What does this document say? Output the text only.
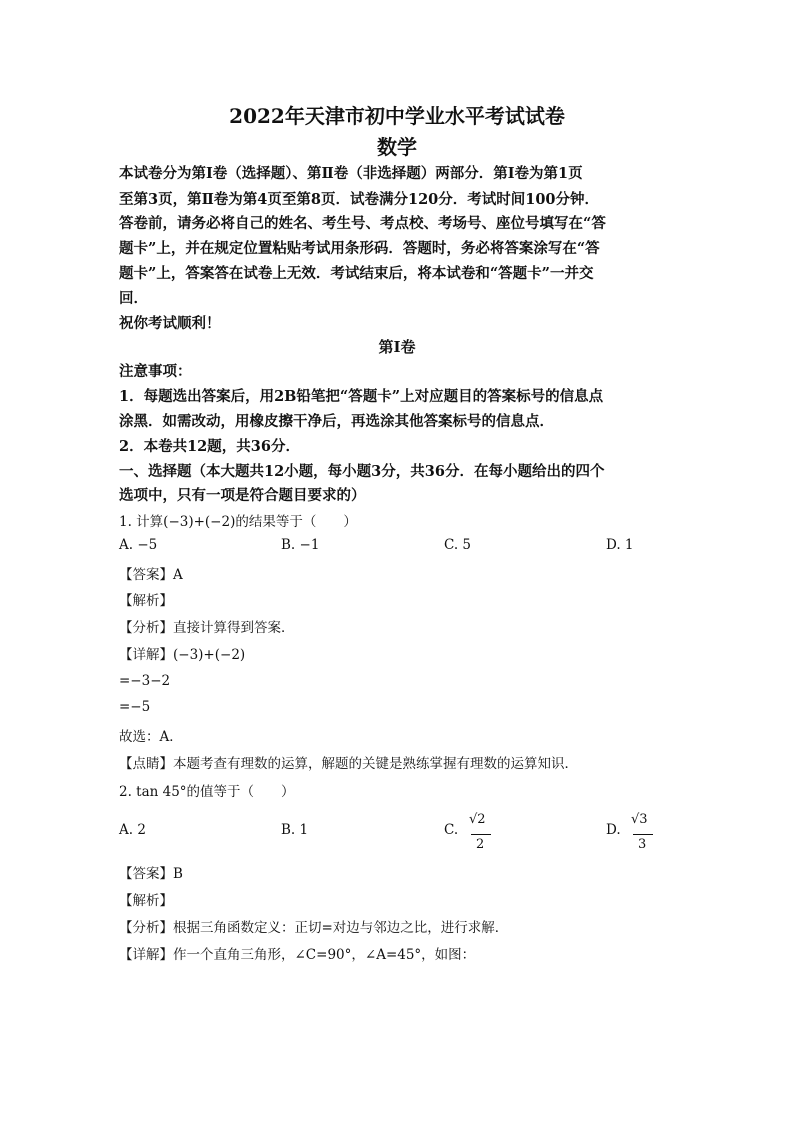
2022年天津市初中学业水平考试试卷
数学
本试卷分为第Ⅰ卷（选择题）、第Ⅱ卷（非选择题）两部分．第Ⅰ卷为第1页
至第3页，第Ⅱ卷为第4页至第8页．试卷满分120分．考试时间100分钟．
答卷前，请务必将自己的姓名、考生号、考点校、考场号、座位号填写在“答
题卡”上，并在规定位置粘贴考试用条形码．答题时，务必将答案涂写在“答
题卡”上，答案答在试卷上无效．考试结束后，将本试卷和“答题卡”一并交
回．
祝你考试顺利！
第Ⅰ卷
注意事项：
1．每题选出答案后，用2B铅笔把“答题卡”上对应题目的答案标号的信息点
涂黑．如需改动，用橡皮擦干净后，再选涂其他答案标号的信息点．
2．本卷共12题，共36分．
一、选择题（本大题共12小题，每小题3分，共36分．在每小题给出的四个
选项中，只有一项是符合题目要求的）
1. 计算(−3)+(−2)的结果等于（　　）
A. −5	B. −1	C. 5	D. 1
【答案】A
【解析】
【分析】直接计算得到答案．
【详解】(−3)+(−2)
=−3−2
=−5
故选：A．
【点睛】本题考查有理数的运算，解题的关键是熟练掌握有理数的运算知识．
2. tan 45°的值等于（　　）
A. 2	B. 1	C.
√2
2
D.
√3
3
【答案】B
【解析】
【分析】根据三角函数定义：正切=对边与邻边之比，进行求解．
【详解】作一个直角三角形，∠C=90°，∠A=45°，如图：
